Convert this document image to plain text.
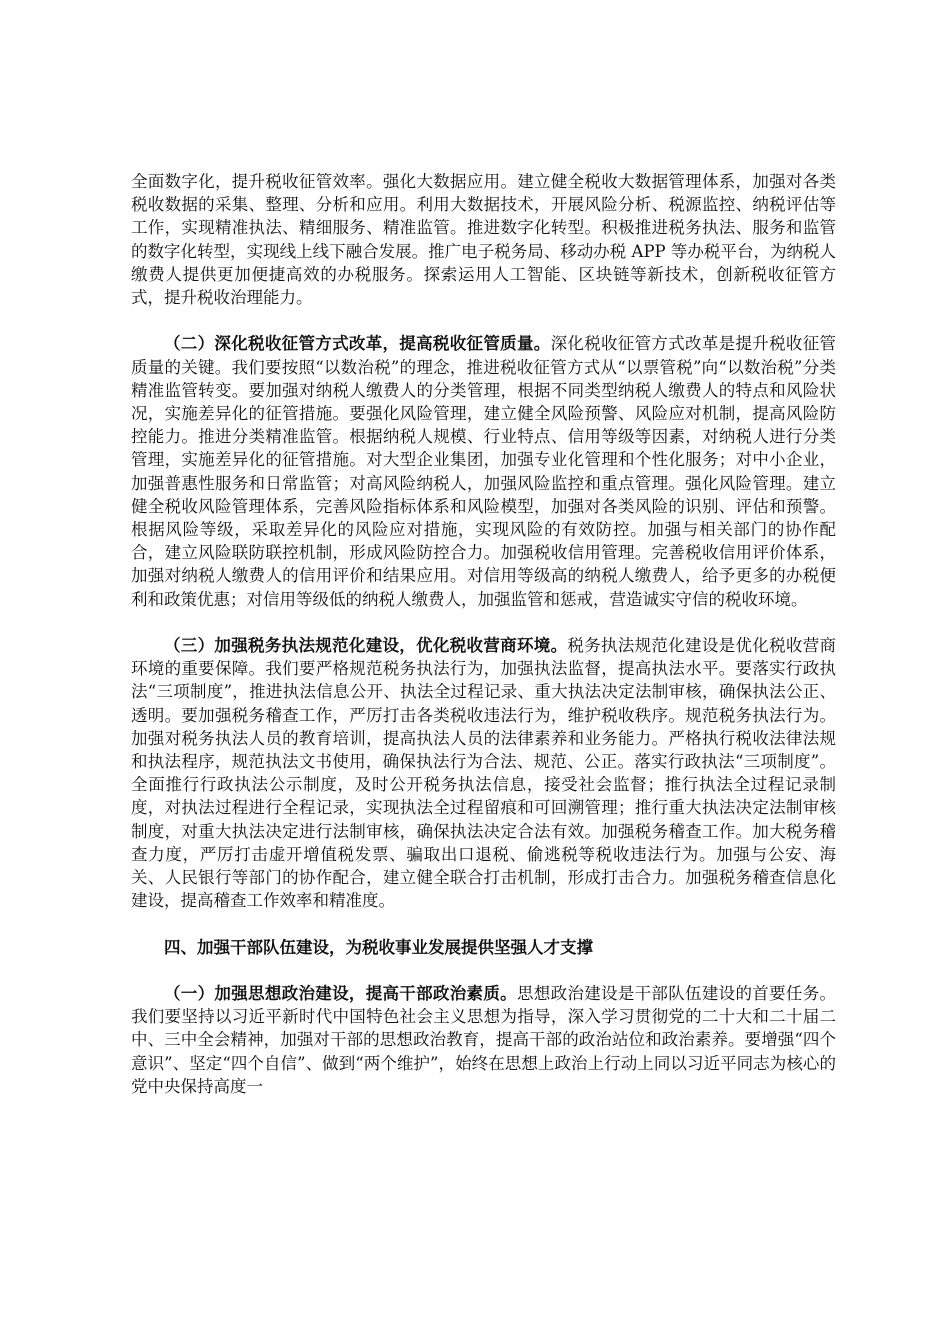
全面数字化，提升税收征管效率。强化大数据应用。建立健全税收大数据管理体系，加强对各类税收数据的采集、整理、分析和应用。利用大数据技术，开展风险分析、税源监控、纳税评估等工作，实现精准执法、精细服务、精准监管。推进数字化转型。积极推进税务执法、服务和监管的数字化转型，实现线上线下融合发展。推广电子税务局、移动办税 APP 等办税平台，为纳税人缴费人提供更加便捷高效的办税服务。探索运用人工智能、区块链等新技术，创新税收征管方式，提升税收治理能力。

（二）深化税收征管方式改革，提高税收征管质量。深化税收征管方式改革是提升税收征管质量的关键。我们要按照“以数治税”的理念，推进税收征管方式从“以票管税”向“以数治税”分类精准监管转变。要加强对纳税人缴费人的分类管理，根据不同类型纳税人缴费人的特点和风险状况，实施差异化的征管措施。要强化风险管理，建立健全风险预警、风险应对机制，提高风险防控能力。推进分类精准监管。根据纳税人规模、行业特点、信用等级等因素，对纳税人进行分类管理，实施差异化的征管措施。对大型企业集团，加强专业化管理和个性化服务；对中小企业，加强普惠性服务和日常监管；对高风险纳税人，加强风险监控和重点管理。强化风险管理。建立健全税收风险管理体系，完善风险指标体系和风险模型，加强对各类风险的识别、评估和预警。根据风险等级，采取差异化的风险应对措施，实现风险的有效防控。加强与相关部门的协作配合，建立风险联防联控机制，形成风险防控合力。加强税收信用管理。完善税收信用评价体系，加强对纳税人缴费人的信用评价和结果应用。对信用等级高的纳税人缴费人，给予更多的办税便利和政策优惠；对信用等级低的纳税人缴费人，加强监管和惩戒，营造诚实守信的税收环境。

（三）加强税务执法规范化建设，优化税收营商环境。税务执法规范化建设是优化税收营商环境的重要保障。我们要严格规范税务执法行为，加强执法监督，提高执法水平。要落实行政执法“三项制度”，推进执法信息公开、执法全过程记录、重大执法决定法制审核，确保执法公正、透明。要加强税务稽查工作，严厉打击各类税收违法行为，维护税收秩序。规范税务执法行为。加强对税务执法人员的教育培训，提高执法人员的法律素养和业务能力。严格执行税收法律法规和执法程序，规范执法文书使用，确保执法行为合法、规范、公正。落实行政执法“三项制度”。全面推行行政执法公示制度，及时公开税务执法信息，接受社会监督；推行执法全过程记录制度，对执法过程进行全程记录，实现执法全过程留痕和可回溯管理；推行重大执法决定法制审核制度，对重大执法决定进行法制审核，确保执法决定合法有效。加强税务稽查工作。加大税务稽查力度，严厉打击虚开增值税发票、骗取出口退税、偷逃税等税收违法行为。加强与公安、海关、人民银行等部门的协作配合，建立健全联合打击机制，形成打击合力。加强税务稽查信息化建设，提高稽查工作效率和精准度。

四、加强干部队伍建设，为税收事业发展提供坚强人才支撑

（一）加强思想政治建设，提高干部政治素质。思想政治建设是干部队伍建设的首要任务。我们要坚持以习近平新时代中国特色社会主义思想为指导，深入学习贯彻党的二十大和二十届二中、三中全会精神，加强对干部的思想政治教育，提高干部的政治站位和政治素养。要增强“四个意识”、坚定“四个自信”、做到“两个维护”，始终在思想上政治上行动上同以习近平同志为核心的党中央保持高度一
